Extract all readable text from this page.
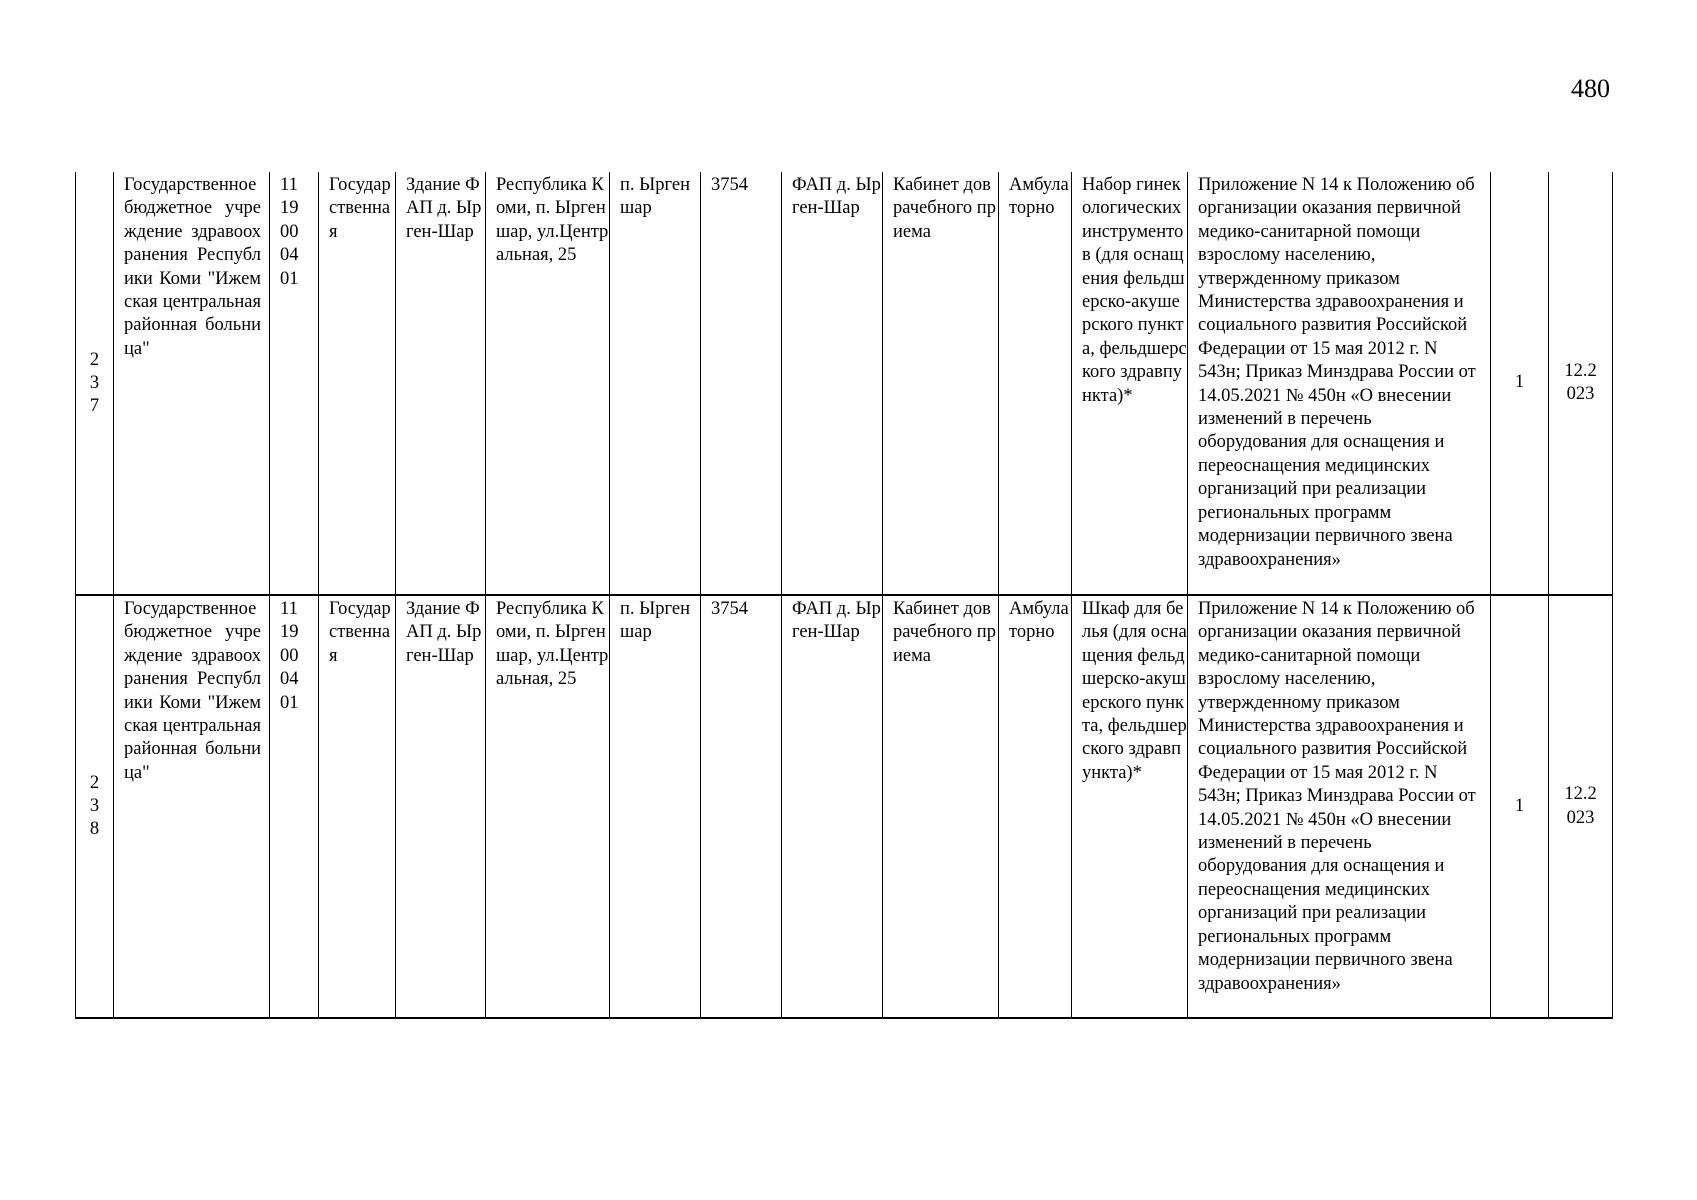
480
237	Государственное бюджетное учреждение здравоохранения Республики Коми "Ижемская центральная районная больница"	1119000401	Государственная	Здание ФАП д. Ырген-Шар	Республика Коми, п. Ыргеншар, ул.Центральная, 25	п. Ыргеншар	3754	ФАП д. Ырген-Шар	Кабинет доврачебного приема	Амбулаторно	Набор гинекологических инструментов (для оснащения фельдшерско-акушерского пункта, фельдшерского здравпункта)*	Приложение N 14 к Положению об организации оказания первичной медико-санитарной помощи взрослому населению, утвержденному приказом Министерства здравоохранения и социального развития Российской Федерации от 15 мая 2012 г. N 543н; Приказ Минздрава России от 14.05.2021 № 450н «О внесении изменений в перечень оборудования для оснащения и переоснащения медицинских организаций при реализации региональных программ модернизации первичного звена здравоохранения»	1	12.2023

238	Государственное бюджетное учреждение здравоохранения Республики Коми "Ижемская центральная районная больница"	1119000401	Государственная	Здание ФАП д. Ырген-Шар	Республика Коми, п. Ыргеншар, ул.Центральная, 25	п. Ыргеншар	3754	ФАП д. Ырген-Шар	Кабинет доврачебного приема	Амбулаторно	Шкаф для белья (для оснащения фельдшерско-акушерского пункта, фельдшерского здравпункта)*	Приложение N 14 к Положению об организации оказания первичной медико-санитарной помощи взрослому населению, утвержденному приказом Министерства здравоохранения и социального развития Российской Федерации от 15 мая 2012 г. N 543н; Приказ Минздрава России от 14.05.2021 № 450н «О внесении изменений в перечень оборудования для оснащения и переоснащения медицинских организаций при реализации региональных программ модернизации первичного звена здравоохранения»	1	12.2023
